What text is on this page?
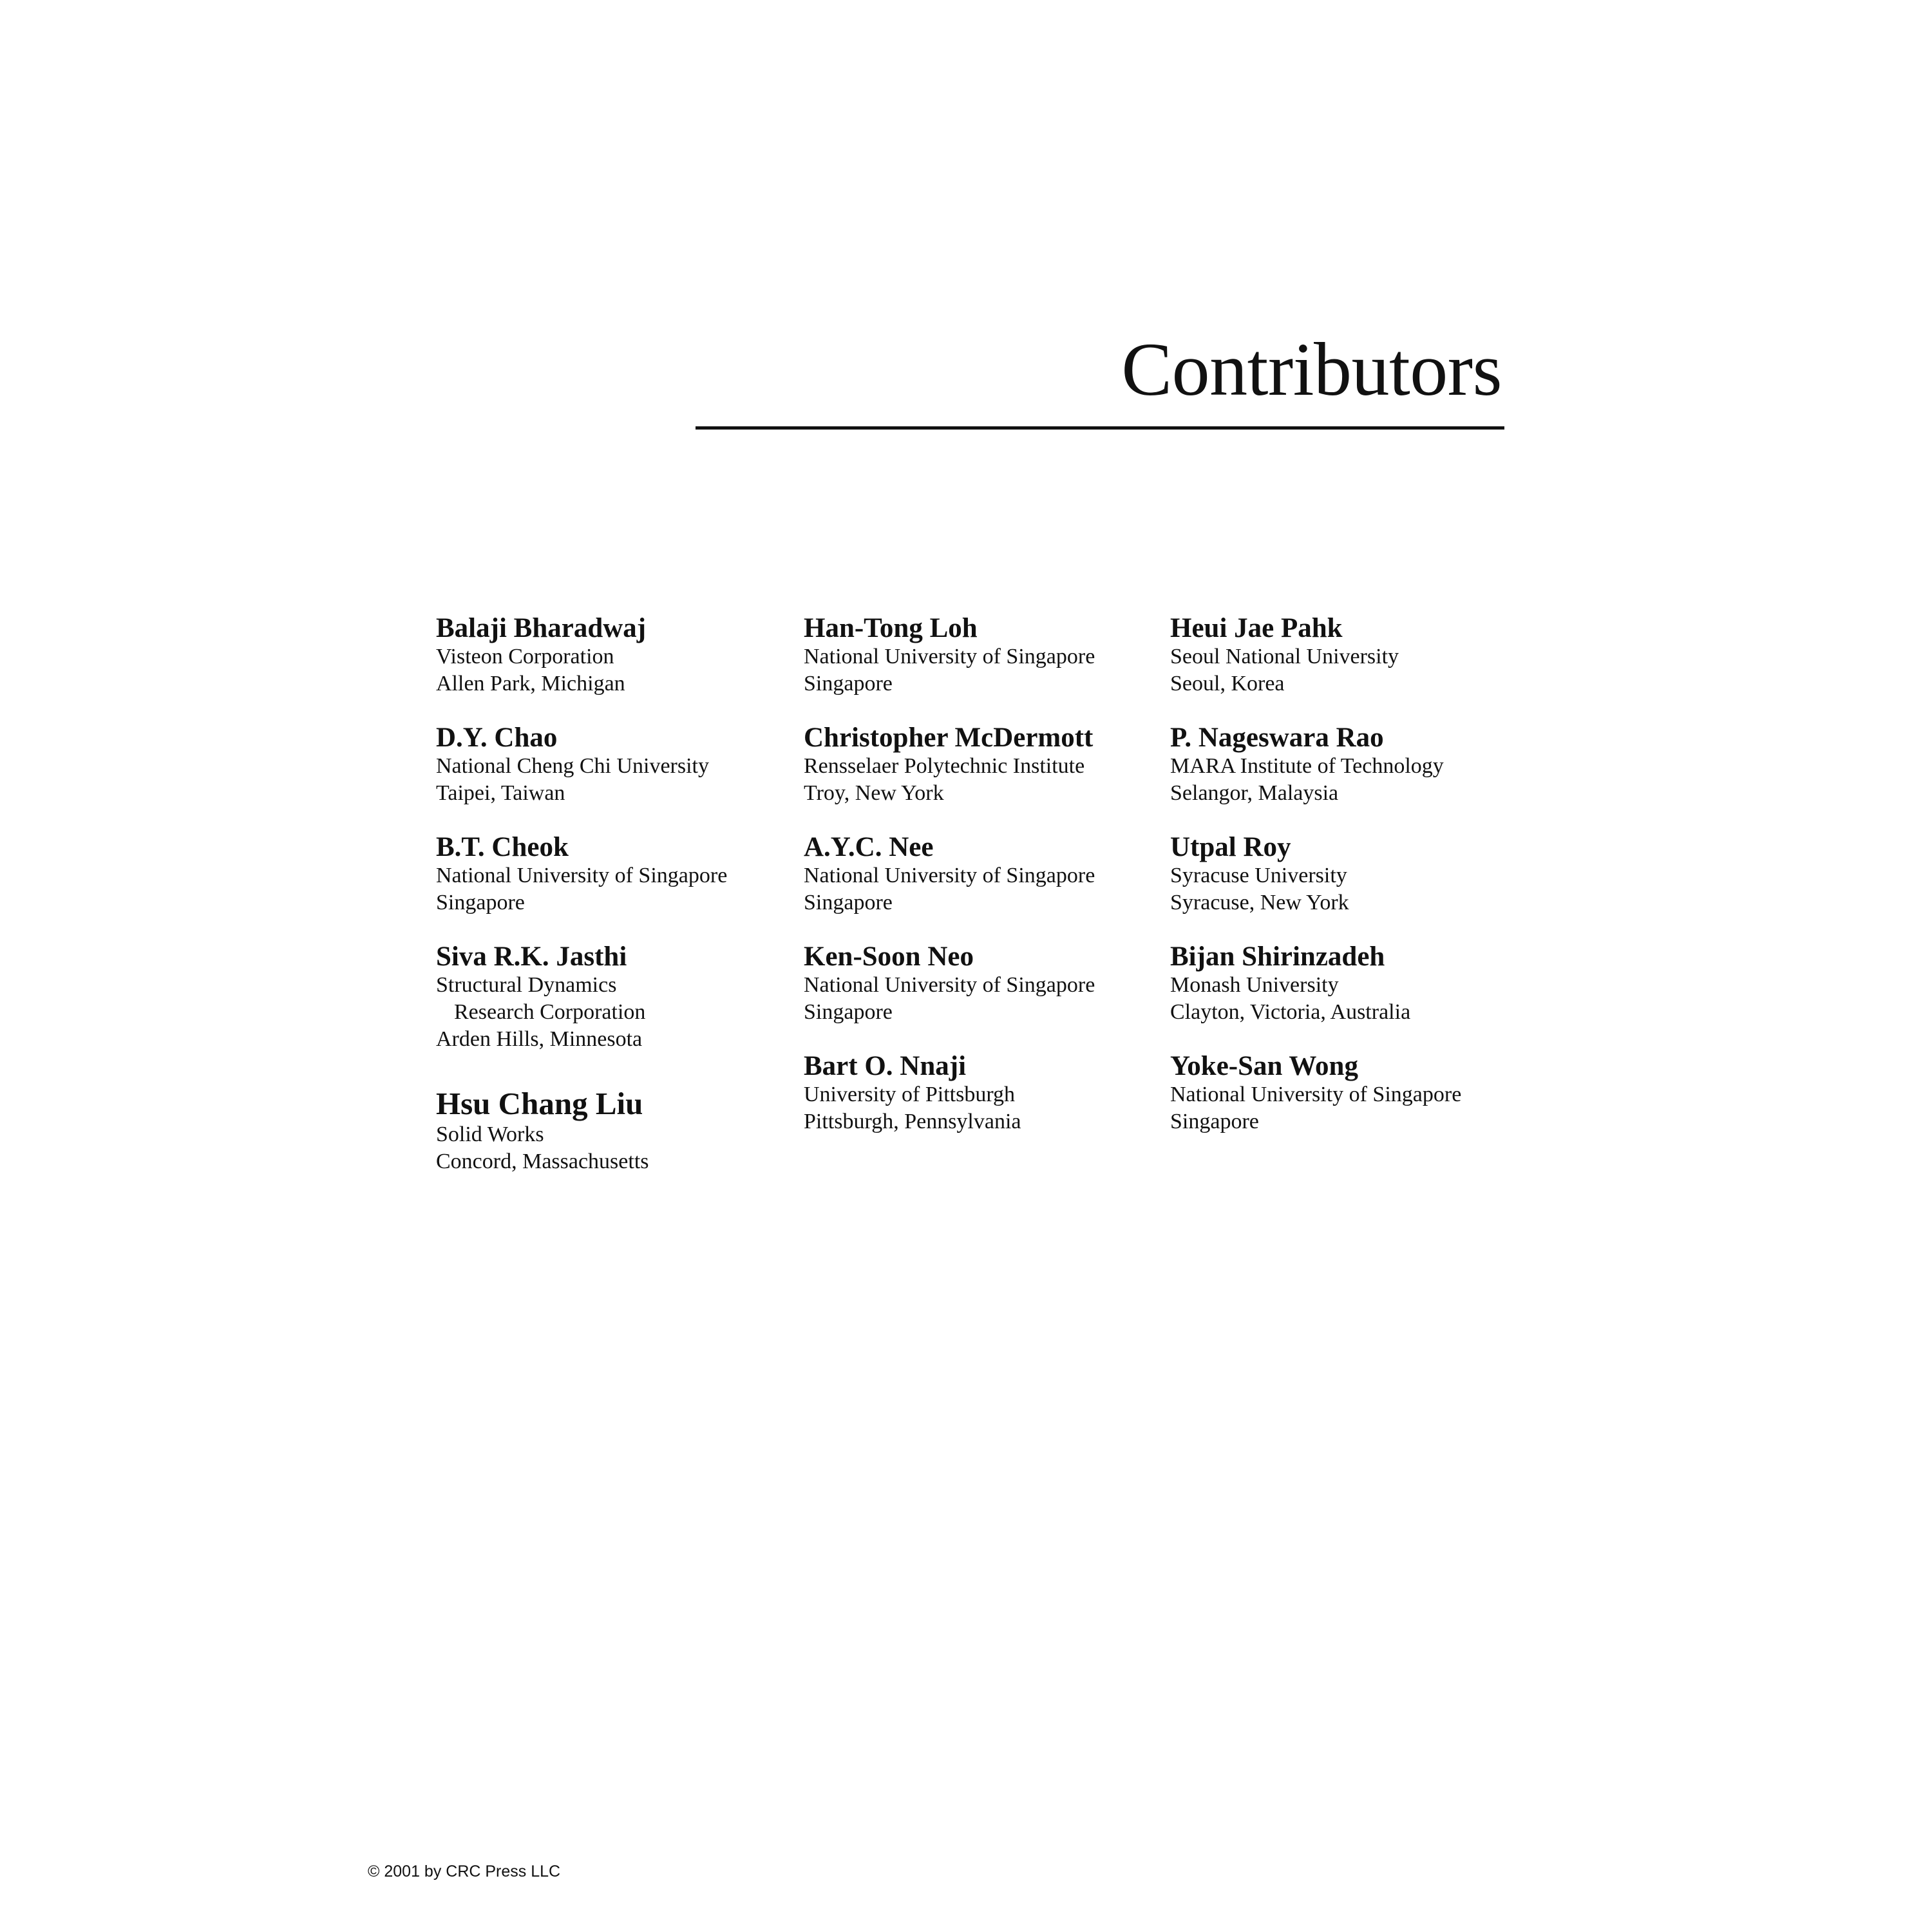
Contributors
Balaji Bharadwaj
Visteon Corporation
Allen Park, Michigan
D.Y. Chao
National Cheng Chi University
Taipei, Taiwan
B.T. Cheok
National University of Singapore
Singapore
Siva R.K. Jasthi
Structural Dynamics
Research Corporation
Arden Hills, Minnesota
Hsu Chang Liu
Solid Works
Concord, Massachusetts
Han-Tong Loh
National University of Singapore
Singapore
Christopher McDermott
Rensselaer Polytechnic Institute
Troy, New York
A.Y.C. Nee
National University of Singapore
Singapore
Ken-Soon Neo
National University of Singapore
Singapore
Bart O. Nnaji
University of Pittsburgh
Pittsburgh, Pennsylvania
Heui Jae Pahk
Seoul National University
Seoul, Korea
P. Nageswara Rao
MARA Institute of Technology
Selangor, Malaysia
Utpal Roy
Syracuse University
Syracuse, New York
Bijan Shirinzadeh
Monash University
Clayton, Victoria, Australia
Yoke-San Wong
National University of Singapore
Singapore
© 2001 by CRC Press LLC
